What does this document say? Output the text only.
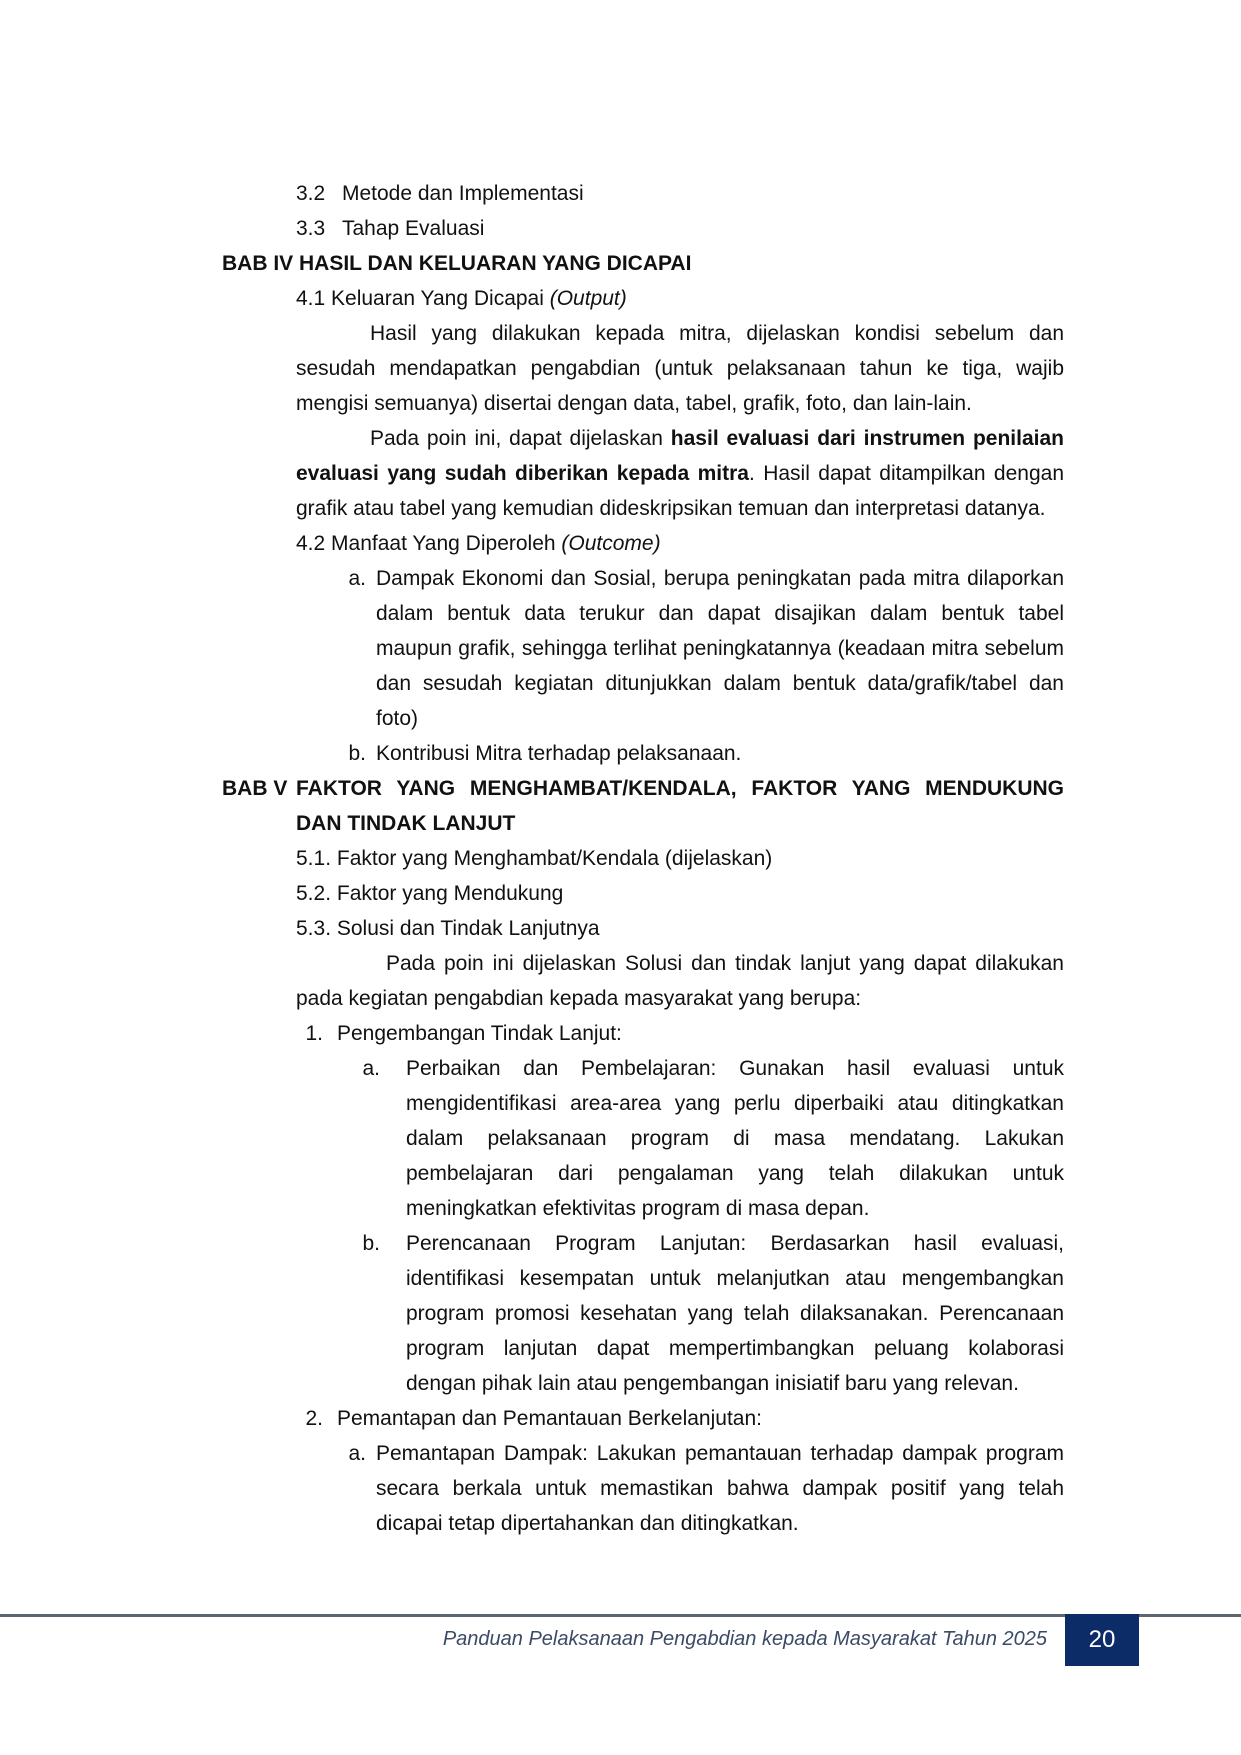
3.2 Metode dan Implementasi
3.3 Tahap Evaluasi
BAB IV HASIL DAN KELUARAN YANG DICAPAI
4.1 Keluaran Yang Dicapai (Output)
Hasil yang dilakukan kepada mitra, dijelaskan kondisi sebelum dan sesudah mendapatkan pengabdian (untuk pelaksanaan tahun ke tiga, wajib mengisi semuanya) disertai dengan data, tabel, grafik, foto, dan lain-lain.
Pada poin ini, dapat dijelaskan hasil evaluasi dari instrumen penilaian evaluasi yang sudah diberikan kepada mitra. Hasil dapat ditampilkan dengan grafik atau tabel yang kemudian dideskripsikan temuan dan interpretasi datanya.
4.2 Manfaat Yang Diperoleh (Outcome)
a. Dampak Ekonomi dan Sosial, berupa peningkatan pada mitra dilaporkan dalam bentuk data terukur dan dapat disajikan dalam bentuk tabel maupun grafik, sehingga terlihat peningkatannya (keadaan mitra sebelum dan sesudah kegiatan ditunjukkan dalam bentuk data/grafik/tabel dan foto)
b. Kontribusi Mitra terhadap pelaksanaan.
BAB V FAKTOR YANG MENGHAMBAT/KENDALA, FAKTOR YANG MENDUKUNG DAN TINDAK LANJUT
5.1. Faktor yang Menghambat/Kendala (dijelaskan)
5.2. Faktor yang Mendukung
5.3. Solusi dan Tindak Lanjutnya
Pada poin ini dijelaskan Solusi dan tindak lanjut yang dapat dilakukan pada kegiatan pengabdian kepada masyarakat yang berupa:
1. Pengembangan Tindak Lanjut:
a.	Perbaikan dan Pembelajaran: Gunakan hasil evaluasi untuk mengidentifikasi area-area yang perlu diperbaiki atau ditingkatkan dalam pelaksanaan program di masa mendatang. Lakukan pembelajaran dari pengalaman yang telah dilakukan untuk meningkatkan efektivitas program di masa depan.
b.	Perencanaan Program Lanjutan: Berdasarkan hasil evaluasi, identifikasi kesempatan untuk melanjutkan atau mengembangkan program promosi kesehatan yang telah dilaksanakan. Perencanaan program lanjutan dapat mempertimbangkan peluang kolaborasi dengan pihak lain atau pengembangan inisiatif baru yang relevan.
2. Pemantapan dan Pemantauan Berkelanjutan:
a. Pemantapan Dampak: Lakukan pemantauan terhadap dampak program secara berkala untuk memastikan bahwa dampak positif yang telah dicapai tetap dipertahankan dan ditingkatkan.
Panduan Pelaksanaan Pengabdian kepada Masyarakat Tahun 2025	20
